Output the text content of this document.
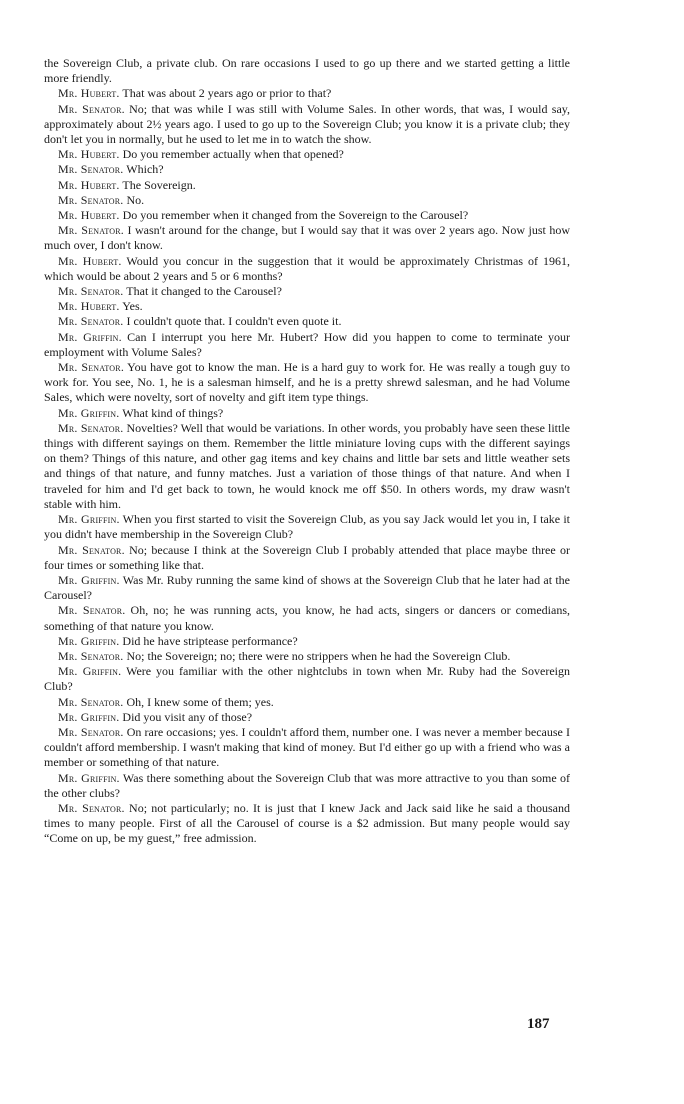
the Sovereign Club, a private club. On rare occasions I used to go up there and we started getting a little more friendly.

Mr. Hubert. That was about 2 years ago or prior to that?

Mr. Senator. No; that was while I was still with Volume Sales. In other words, that was, I would say, approximately about 2½ years ago. I used to go up to the Sovereign Club; you know it is a private club; they don't let you in normally, but he used to let me in to watch the show.

Mr. Hubert. Do you remember actually when that opened?

Mr. Senator. Which?

Mr. Hubert. The Sovereign.

Mr. Senator. No.

Mr. Hubert. Do you remember when it changed from the Sovereign to the Carousel?

Mr. Senator. I wasn't around for the change, but I would say that it was over 2 years ago. Now just how much over, I don't know.

Mr. Hubert. Would you concur in the suggestion that it would be approximately Christmas of 1961, which would be about 2 years and 5 or 6 months?

Mr. Senator. That it changed to the Carousel?

Mr. Hubert. Yes.

Mr. Senator. I couldn't quote that. I couldn't even quote it.

Mr. Griffin. Can I interrupt you here Mr. Hubert? How did you happen to come to terminate your employment with Volume Sales?

Mr. Senator. You have got to know the man. He is a hard guy to work for. He was really a tough guy to work for. You see, No. 1, he is a salesman himself, and he is a pretty shrewd salesman, and he had Volume Sales, which were novelty, sort of novelty and gift item type things.

Mr. Griffin. What kind of things?

Mr. Senator. Novelties? Well that would be variations. In other words, you probably have seen these little things with different sayings on them. Remember the little miniature loving cups with the different sayings on them? Things of this nature, and other gag items and key chains and little bar sets and little weather sets and things of that nature, and funny matches. Just a variation of those things of that nature. And when I traveled for him and I'd get back to town, he would knock me off $50. In others words, my draw wasn't stable with him.

Mr. Griffin. When you first started to visit the Sovereign Club, as you say Jack would let you in, I take it you didn't have membership in the Sovereign Club?

Mr. Senator. No; because I think at the Sovereign Club I probably attended that place maybe three or four times or something like that.

Mr. Griffin. Was Mr. Ruby running the same kind of shows at the Sovereign Club that he later had at the Carousel?

Mr. Senator. Oh, no; he was running acts, you know, he had acts, singers or dancers or comedians, something of that nature you know.

Mr. Griffin. Did he have striptease performance?

Mr. Senator. No; the Sovereign; no; there were no strippers when he had the Sovereign Club.

Mr. Griffin. Were you familiar with the other nightclubs in town when Mr. Ruby had the Sovereign Club?

Mr. Senator. Oh, I knew some of them; yes.

Mr. Griffin. Did you visit any of those?

Mr. Senator. On rare occasions; yes. I couldn't afford them, number one. I was never a member because I couldn't afford membership. I wasn't making that kind of money. But I'd either go up with a friend who was a member or something of that nature.

Mr. Griffin. Was there something about the Sovereign Club that was more attractive to you than some of the other clubs?

Mr. Senator. No; not particularly; no. It is just that I knew Jack and Jack said like he said a thousand times to many people. First of all the Carousel of course is a $2 admission. But many people would say “Come on up, be my guest,” free admission.

187
